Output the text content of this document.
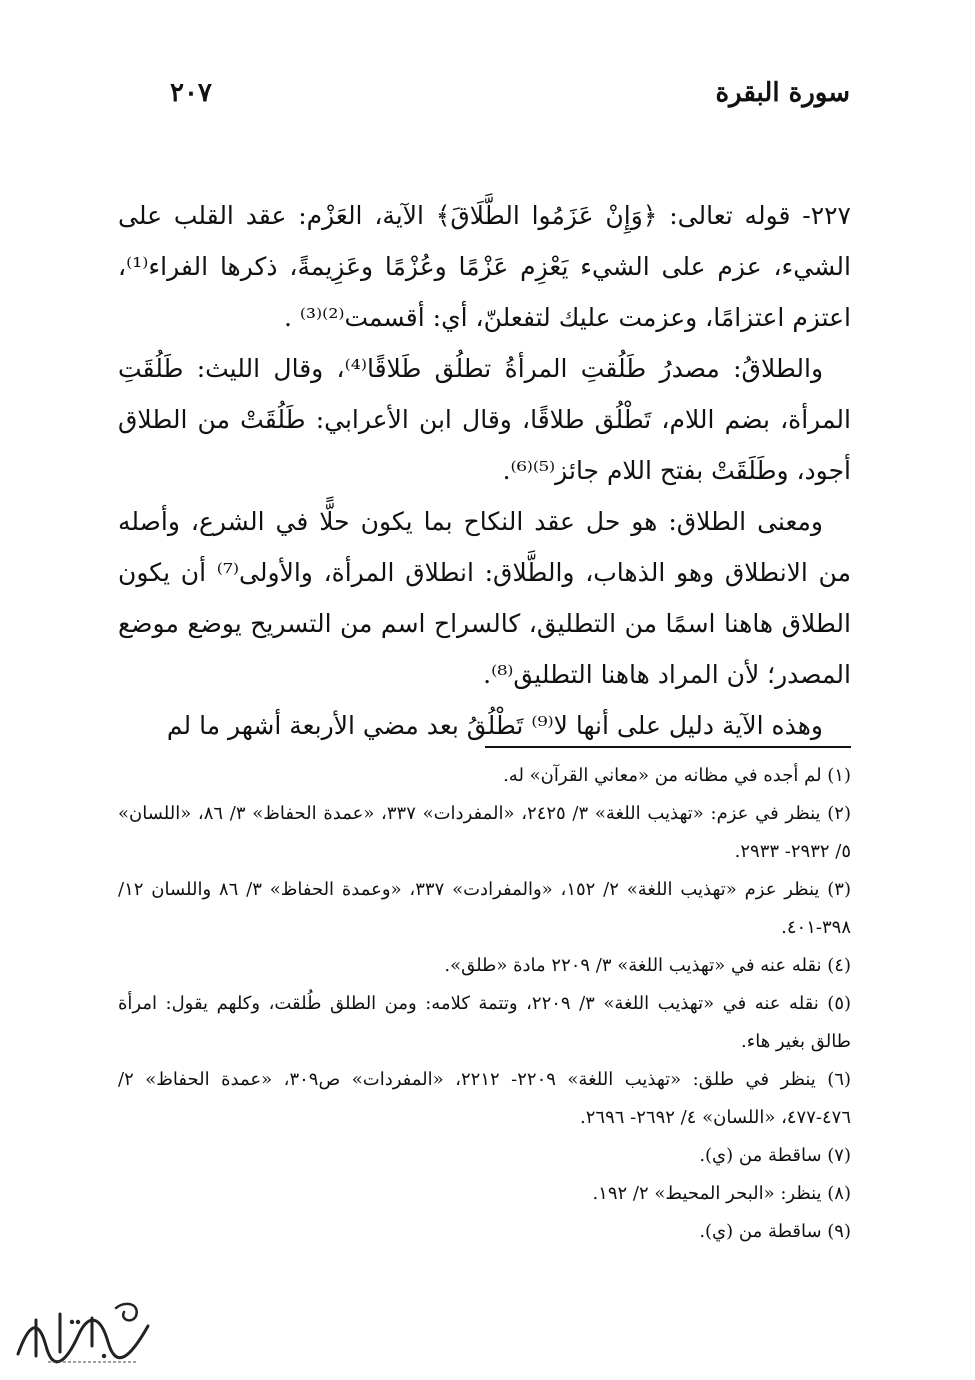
سورة البقرة
٢٠٧

٢٢٧- قوله تعالى: ﴿وَإِنْ عَزَمُوا الطَّلَاقَ﴾ الآية، العَزْم: عقد القلب على الشيء، عزم على الشيء يَعْزِم عَزْمًا وعُزْمًا وعَزِيمةً، ذكرها الفراء⁽¹⁾، اعتزم اعتزامًا، وعزمت عليك لتفعلنّ، أي: أقسمت⁽²⁾⁽³⁾ .

والطلاقُ: مصدرُ طَلُقتِ المرأةُ تطلُق طَلاقًا⁽⁴⁾، وقال الليث: طَلُقَتِ المرأة، بضم اللام، تَطْلُق طلاقًا، وقال ابن الأعرابي: طَلُقَتْ من الطلاق أجود، وطَلَقَتْ بفتح اللام جائز⁽⁵⁾⁽⁶⁾.

ومعنى الطلاق: هو حل عقد النكاح بما يكون حلًّا في الشرع، وأصله من الانطلاق وهو الذهاب، والطَّلاق: انطلاق المرأة، والأولى⁽⁷⁾ أن يكون الطلاق هاهنا اسمًا من التطليق، كالسراح اسم من التسريح يوضع موضع المصدر؛ لأن المراد هاهنا التطليق⁽⁸⁾.

وهذه الآية دليل على أنها لا⁽⁹⁾ تَطْلُقُ بعد مضي الأربعة أشهر ما لم

(١) لم أجده في مظانه من «معاني القرآن» له.

(٢) ينظر في عزم: «تهذيب اللغة» ٣/ ٢٤٢٥، «المفردات» ٣٣٧، «عمدة الحفاظ» ٣/ ٨٦، «اللسان» ٥/ ٢٩٣٢- ٢٩٣٣.

(٣) ينظر عزم «تهذيب اللغة» ٢/ ١٥٢، «والمفرادت» ٣٣٧، «وعمدة الحفاظ» ٣/ ٨٦ واللسان ١٢/ ٣٩٨-٤٠١.

(٤) نقله عنه في «تهذيب اللغة» ٣/ ٢٢٠٩ مادة «طلق».

(٥) نقله عنه في «تهذيب اللغة» ٣/ ٢٢٠٩، وتتمة كلامه: ومن الطلق طُلقت، وكلهم يقول: امرأة طالق بغير هاء.

(٦) ينظر في طلق: «تهذيب اللغة» ٢٢٠٩- ٢٢١٢، «المفردات» ص٣٠٩، «عمدة الحفاظ» ٢/ ٤٧٦-٤٧٧، «اللسان» ٤/ ٢٦٩٢- ٢٦٩٦.

(٧) ساقطة من (ي).

(٨) ينظر: «البحر المحيط» ٢/ ١٩٢.

(٩) ساقطة من (ي).
